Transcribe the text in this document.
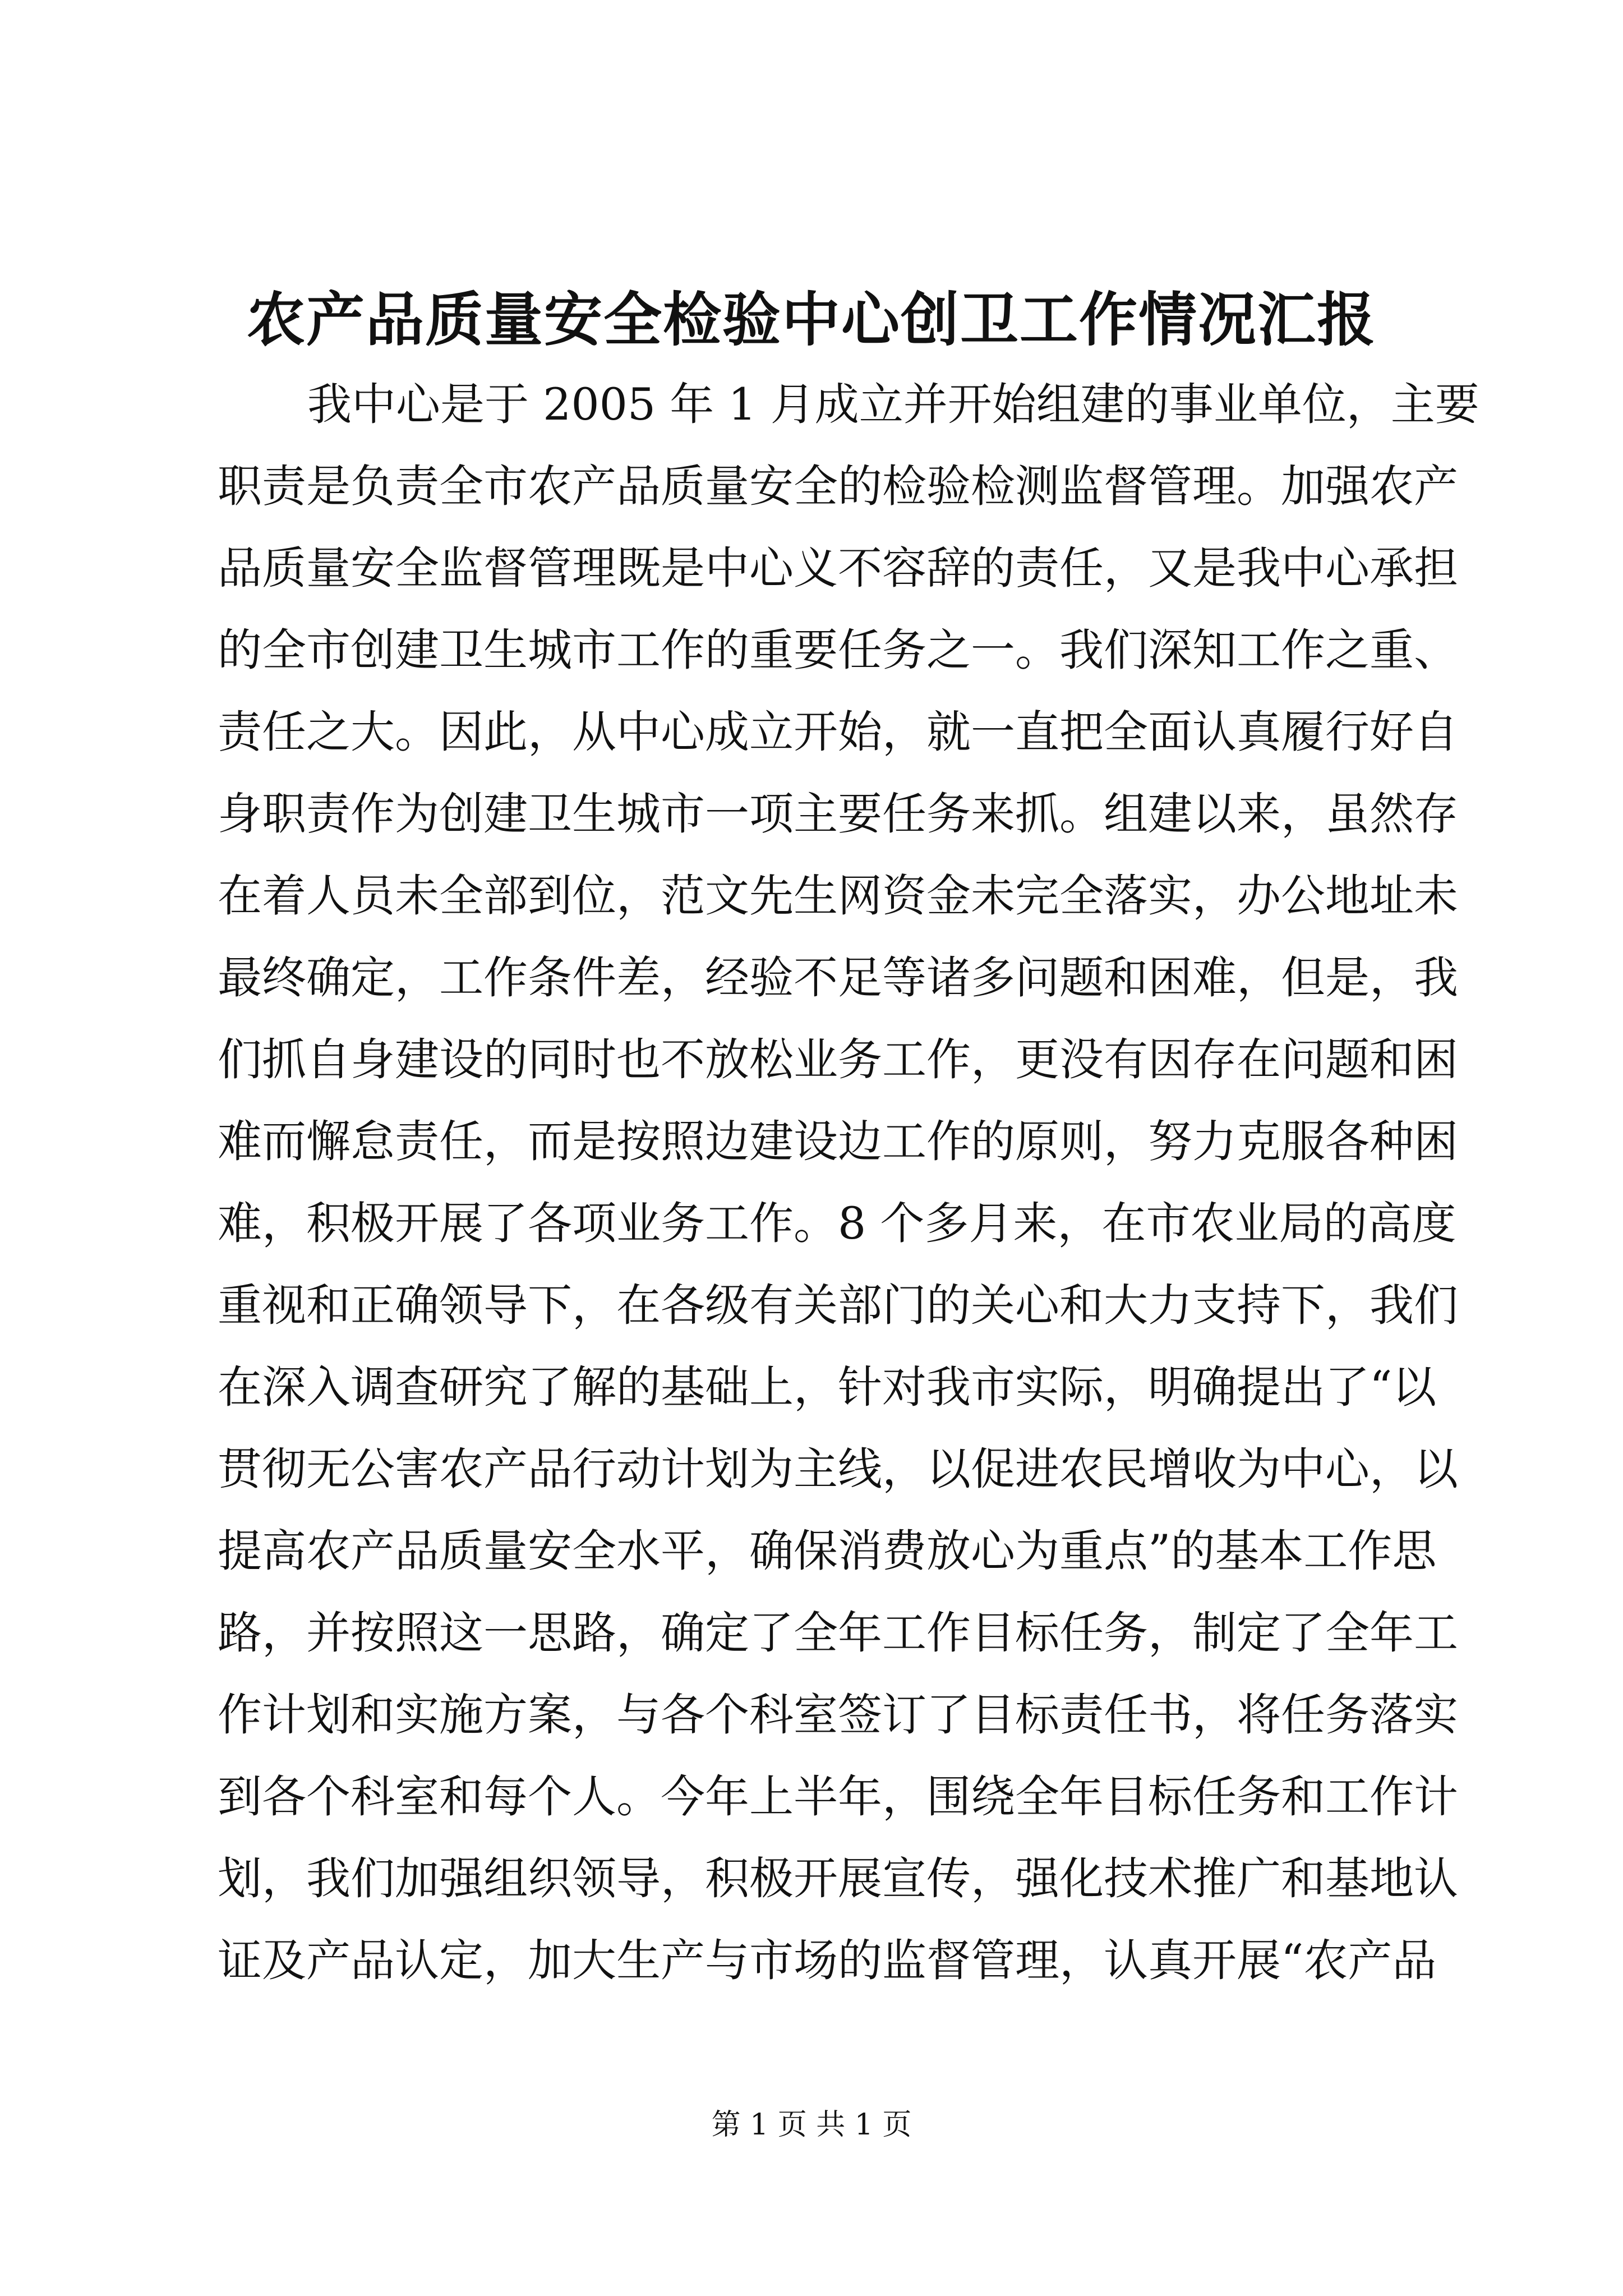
农产品质量安全检验中心创卫工作情况汇报
我中心是于 2005 年 1 月成立并开始组建的事业单位，主要
职责是负责全市农产品质量安全的检验检测监督管理。加强农产
品质量安全监督管理既是中心义不容辞的责任，又是我中心承担
的全市创建卫生城市工作的重要任务之一。我们深知工作之重、
责任之大。因此，从中心成立开始，就一直把全面认真履行好自
身职责作为创建卫生城市一项主要任务来抓。组建以来，虽然存
在着人员未全部到位，范文先生网资金未完全落实，办公地址未
最终确定，工作条件差，经验不足等诸多问题和困难，但是，我
们抓自身建设的同时也不放松业务工作，更没有因存在问题和困
难而懈怠责任，而是按照边建设边工作的原则，努力克服各种困
难，积极开展了各项业务工作。8 个多月来，在市农业局的高度
重视和正确领导下，在各级有关部门的关心和大力支持下，我们
在深入调查研究了解的基础上，针对我市实际，明确提出了“以
贯彻无公害农产品行动计划为主线，以促进农民增收为中心，以
提高农产品质量安全水平，确保消费放心为重点”的基本工作思
路，并按照这一思路，确定了全年工作目标任务，制定了全年工
作计划和实施方案，与各个科室签订了目标责任书，将任务落实
到各个科室和每个人。今年上半年，围绕全年目标任务和工作计
划，我们加强组织领导，积极开展宣传，强化技术推广和基地认
证及产品认定，加大生产与市场的监督管理，认真开展“农产品
第 1 页 共 1 页
